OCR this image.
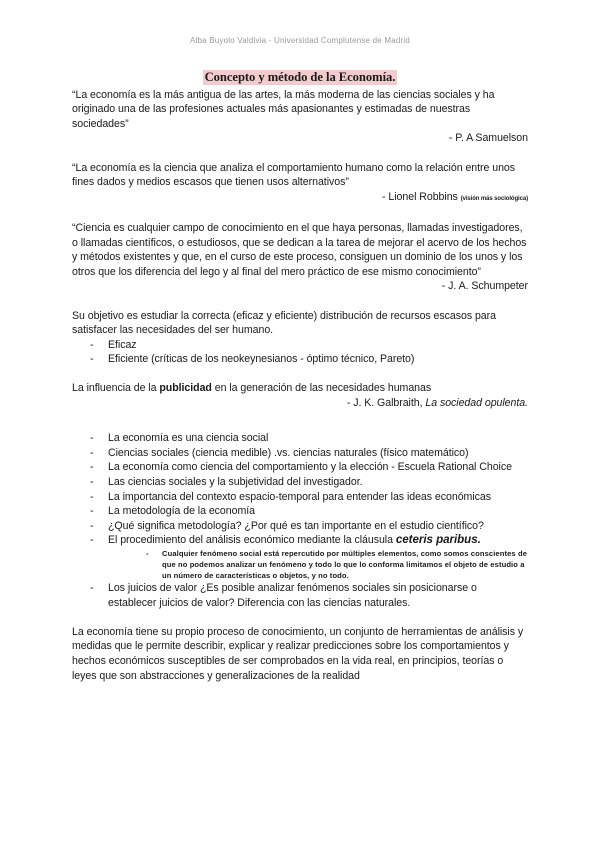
Alba Buyolo Valdivia - Universidad Complutense de Madrid
Concepto y método de la Economía.

“La economía es la más antigua de las artes, la más moderna de las ciencias sociales y ha originado una de las profesiones actuales más apasionantes y estimadas de nuestras sociedades”

- P. A Samuelson

“La economía es la ciencia que analiza el comportamiento humano como la relación entre unos fines dados y medios escasos que tienen usos alternativos”

- Lionel Robbins (visión más sociológica)

“Ciencia es cualquier campo de conocimiento en el que haya personas, llamadas investigadores, o llamadas científicos, o estudiosos, que se dedican a la tarea de mejorar el acervo de los hechos y métodos existentes y que, en el curso de este proceso, consiguen un dominio de los unos y los otros que los diferencia del lego y al final del mero práctico de ese mismo conocimiento”

- J. A. Schumpeter

Su objetivo es estudiar la correcta (eficaz y eficiente) distribución de recursos escasos para satisfacer las necesidades del ser humano.

- Eficaz
- Eficiente (críticas de los neokeynesianos - óptimo técnico, Pareto)

La influencia de la publicidad en la generación de las necesidades humanas

- J. K. Galbraith, La sociedad opulenta.

- La economía es una ciencia social
- Ciencias sociales (ciencia medible) .vs. ciencias naturales (físico matemático)
- La economía como ciencia del comportamiento y la elección - Escuela Rational Choice
- Las ciencias sociales y la subjetividad del investigador.
- La importancia del contexto espacio-temporal para entender las ideas económicas
- La metodología de la economía
- ¿Qué significa metodología? ¿Por qué es tan importante en el estudio científico?
- El procedimiento del análisis económico mediante la cláusula ceteris paribus.
- Cualquier fenómeno social está repercutido por múltiples elementos, como somos conscientes de que no podemos analizar un fenómeno y todo lo que lo conforma limitamos el objeto de estudio a un número de características o objetos, y no todo.
- Los juicios de valor ¿Es posible analizar fenómenos sociales sin posicionarse o establecer juicios de valor? Diferencia con las ciencias naturales.

La economía tiene su propio proceso de conocimiento, un conjunto de herramientas de análisis y medidas que le permite describir, explicar y realizar predicciones sobre los comportamientos y hechos económicos susceptibles de ser comprobados en la vida real, en principios, teorías o leyes que son abstracciones y generalizaciones de la realidad
